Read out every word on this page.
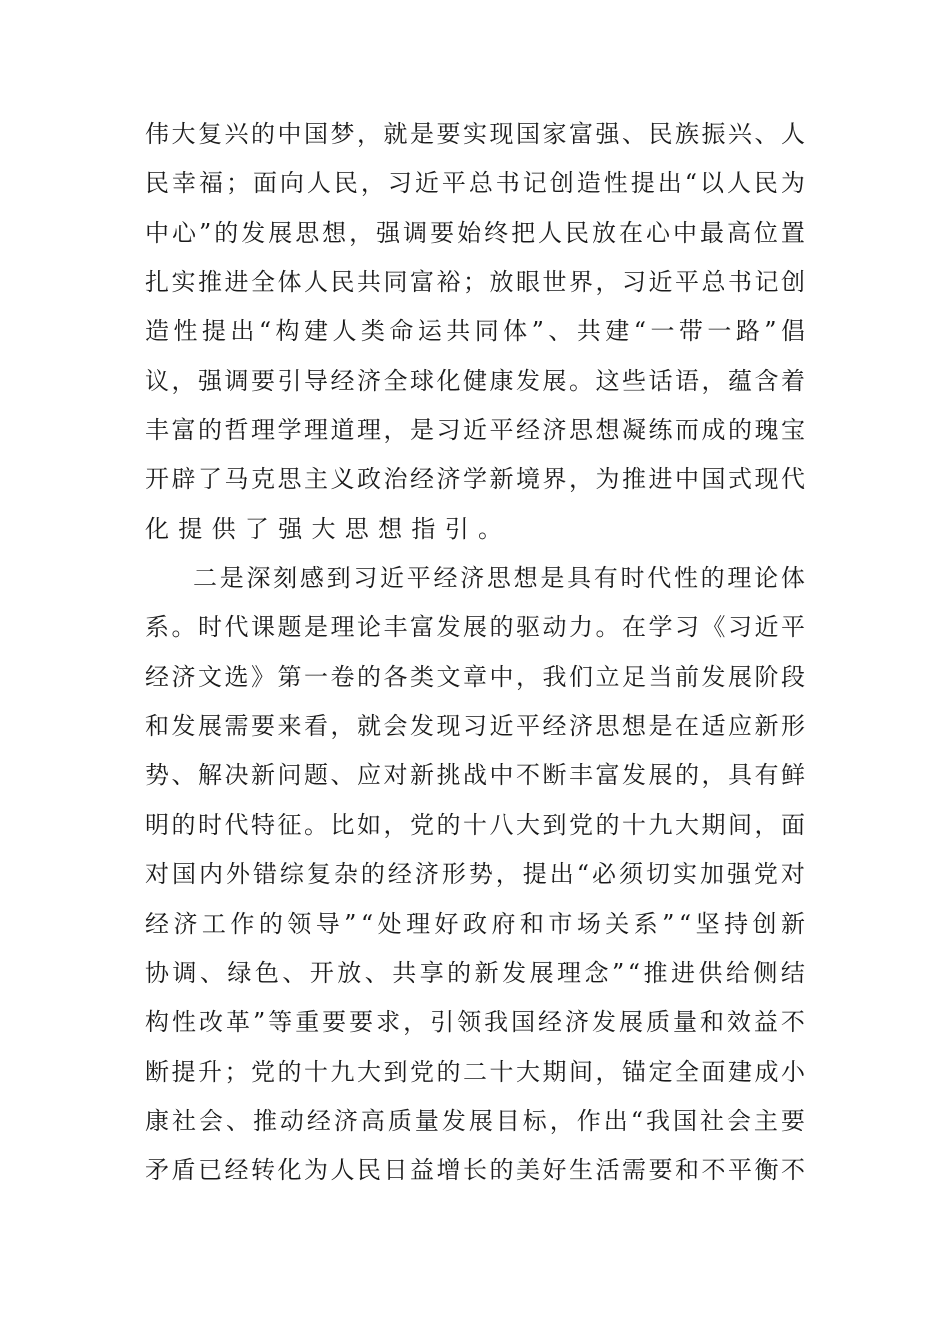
伟 大 复 兴 的 中 国 梦 ， 就 是 要 实 现 国 家 富 强 、 民 族 振 兴 、 人
民 幸 福 ； 面 向 人 民 ， 习 近 平 总 书 记 创 造 性 提 出 “ 以 人 民 为
中 心 ” 的 发 展 思 想 ， 强 调 要 始 终 把 人 民 放 在 心 中 最 高 位 置
扎 实 推 进 全 体 人 民 共 同 富 裕 ； 放 眼 世 界 ， 习 近 平 总 书 记 创
造 性 提 出 “ 构 建 人 类 命 运 共 同 体 ” 、 共 建 “ 一 带 一 路 ” 倡
议 ， 强 调 要 引 导 经 济 全 球 化 健 康 发 展 。 这 些 话 语 ， 蕴 含 着
丰 富 的 哲 理 学 理 道 理 ， 是 习 近 平 经 济 思 想 凝 练 而 成 的 瑰 宝
开 辟 了 马 克 思 主 义 政 治 经 济 学 新 境 界 ， 为 推 进 中 国 式 现 代
化提供了强大思想指引。
二 是 深 刻 感 到 习 近 平 经 济 思 想 是 具 有 时 代 性 的 理 论 体
系 。 时 代 课 题 是 理 论 丰 富 发 展 的 驱 动 力 。 在 学 习 《 习 近 平
经 济 文 选 》 第 一 卷 的 各 类 文 章 中 ， 我 们 立 足 当 前 发 展 阶 段
和 发 展 需 要 来 看 ， 就 会 发 现 习 近 平 经 济 思 想 是 在 适 应 新 形
势 、 解 决 新 问 题 、 应 对 新 挑 战 中 不 断 丰 富 发 展 的 ， 具 有 鲜
明 的 时 代 特 征 。 比 如 ， 党 的 十 八 大 到 党 的 十 九 大 期 间 ， 面
对 国 内 外 错 综 复 杂 的 经 济 形 势 ， 提 出 “ 必 须 切 实 加 强 党 对
经 济 工 作 的 领 导 ” “ 处 理 好 政 府 和 市 场 关 系 ” “ 坚 持 创 新
协 调 、 绿 色 、 开 放 、 共 享 的 新 发 展 理 念 ” “ 推 进 供 给 侧 结
构 性 改 革 ” 等 重 要 要 求 ， 引 领 我 国 经 济 发 展 质 量 和 效 益 不
断 提 升 ； 党 的 十 九 大 到 党 的 二 十 大 期 间 ， 锚 定 全 面 建 成 小
康 社 会 、 推 动 经 济 高 质 量 发 展 目 标 ， 作 出 “ 我 国 社 会 主 要
矛 盾 已 经 转 化 为 人 民 日 益 增 长 的 美 好 生 活 需 要 和 不 平 衡 不
